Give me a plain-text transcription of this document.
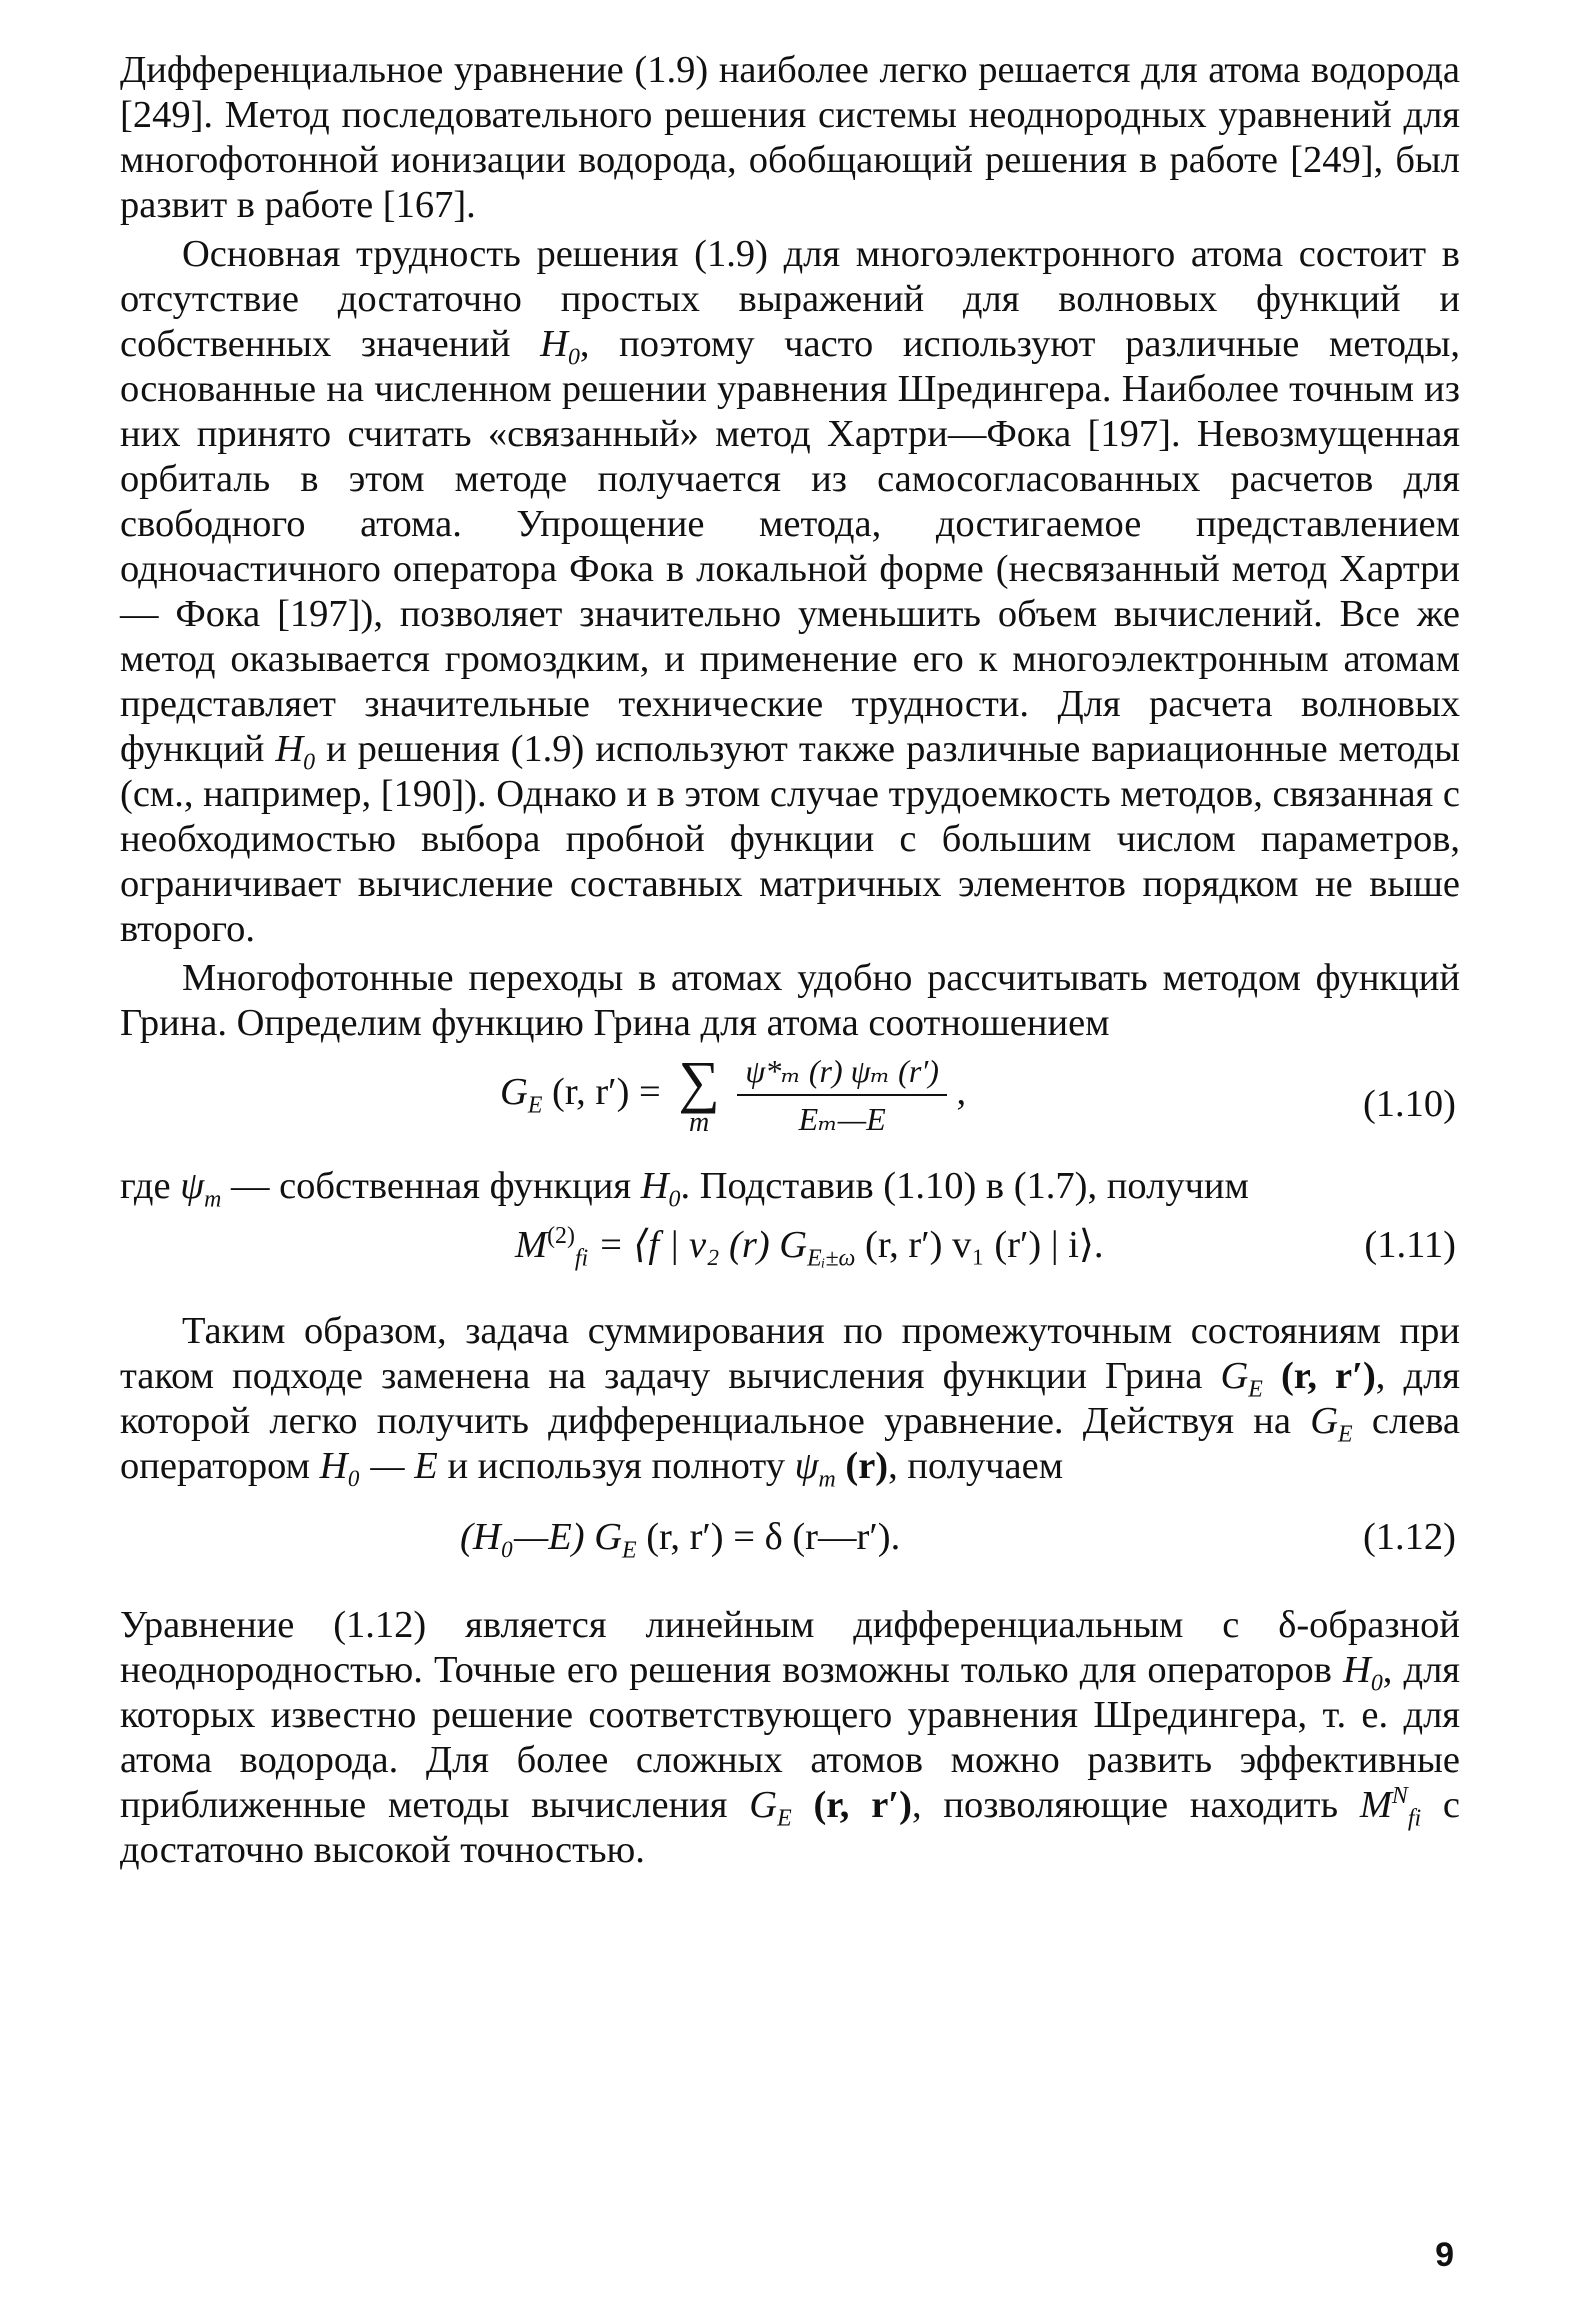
Дифференциальное уравнение (1.9) наиболее легко решается для атома водорода [249]. Метод последовательного решения системы неоднородных уравнений для многофотонной ионизации водорода, обобщающий решения в работе [249], был развит в работе [167].

Основная трудность решения (1.9) для многоэлектронного атома состоит в отсутствие достаточно простых выражений для волновых функций и собственных значений $H_0$, поэтому часто используют различные методы, основанные на численном решении уравнения Шредингера. Наиболее точным из них принято считать «связанный» метод Хартри—Фока [197]. Невозмущенная орбиталь в этом методе получается из самосогласованных расчетов для свободного атома. Упрощение метода, достигаемое представлением одночастичного оператора Фока в локальной форме (несвязанный метод Хартри — Фока [197]), позволяет значительно уменьшить объем вычислений. Все же метод оказывается громоздким, и применение его к многоэлектронным атомам представляет значительные технические трудности. Для расчета волновых функций $H_0$ и решения (1.9) используют также различные вариационные методы (см., например, [190]). Однако и в этом случае трудоемкость методов, связанная с необходимостью выбора пробной функции с большим числом параметров, ограничивает вычисление составных матричных элементов порядком не выше второго.

Многофотонные переходы в атомах удобно рассчитывать методом функций Грина. Определим функцию Грина для атома соотношением

$G_E$ (r, r′) = ∑
m
$\frac{\text{ψ*ₘ (r) ψₘ (r′)}}{\text{Eₘ—E}}$ ,	(1.10)

где $\psi_m$ — собственная функция $H_0$. Подставив (1.10) в (1.7), получим

$M^{(2)}_{fi}$ = ⟨f | v₂ (r) $G_{Eᵢ\pm\omega}$ (r, r′) v₁ (r′) | i⟩.	(1.11)

Таким образом, задача суммирования по промежуточным состояниям при таком подходе заменена на задачу вычисления функции Грина $G_E$ (r, r′), для которой легко получить дифференциальное уравнение. Действуя на $G_E$ слева оператором H₀ — E и используя полноту $\psi_m$ (r), получаем

(H₀—E) $G_E$ (r, r′) = δ (r—r′).	(1.12)

Уравнение (1.12) является линейным дифференциальным с δ-образной неоднородностью. Точные его решения возможны только для операторов $H_0$, для которых известно решение соответствующего уравнения Шредингера, т. е. для атома водорода. Для более сложных атомов можно развить эффективные приближенные методы вычисления $G_E$ (r, r′), позволяющие находить $M^N_{fi}$ с достаточно высокой точностью.

9
